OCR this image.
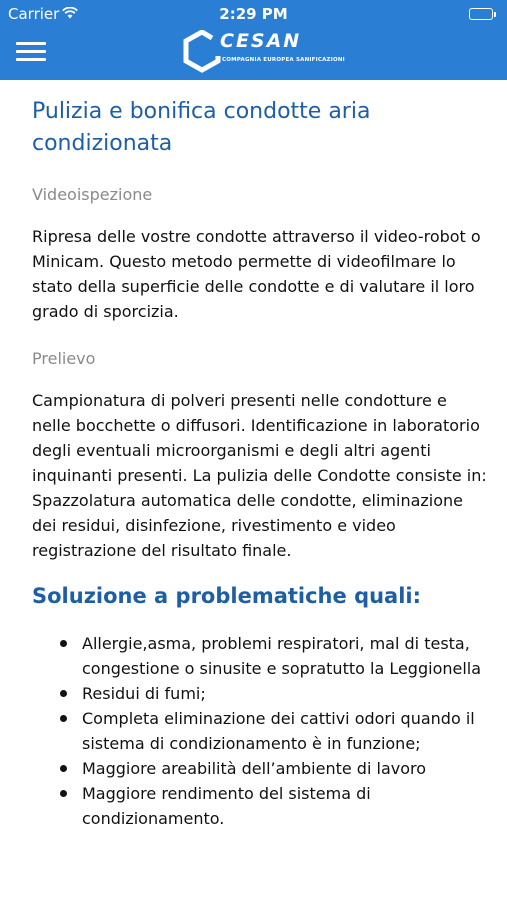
Carrier	2:29 PM
CESAN
COMPAGNIA EUROPEA SANIFICAZIONI
Pulizia e bonifica condotte aria condizionata
Videoispezione

Ripresa delle vostre condotte attraverso il video-robot o Minicam. Questo metodo permette di videofilmare lo stato della superficie delle condotte e di valutare il loro grado di sporcizia.

Prelievo

Campionatura di polveri presenti nelle condotture e nelle bocchette o diffusori. Identificazione in laboratorio degli eventuali microorganismi e degli altri agenti inquinanti presenti. La pulizia delle Condotte consiste in: Spazzolatura automatica delle condotte, eliminazione dei residui, disinfezione, rivestimento e video registrazione del risultato finale.

Soluzione a problematiche quali:
Allergie,asma, problemi respiratori, mal di testa, congestione o sinusite e sopratutto la Leggionella
Residui di fumi;
Completa eliminazione dei cattivi odori quando il sistema di condizionamento è in funzione;
Maggiore areabilità dell’ambiente di lavoro
Maggiore rendimento del sistema di condizionamento.
